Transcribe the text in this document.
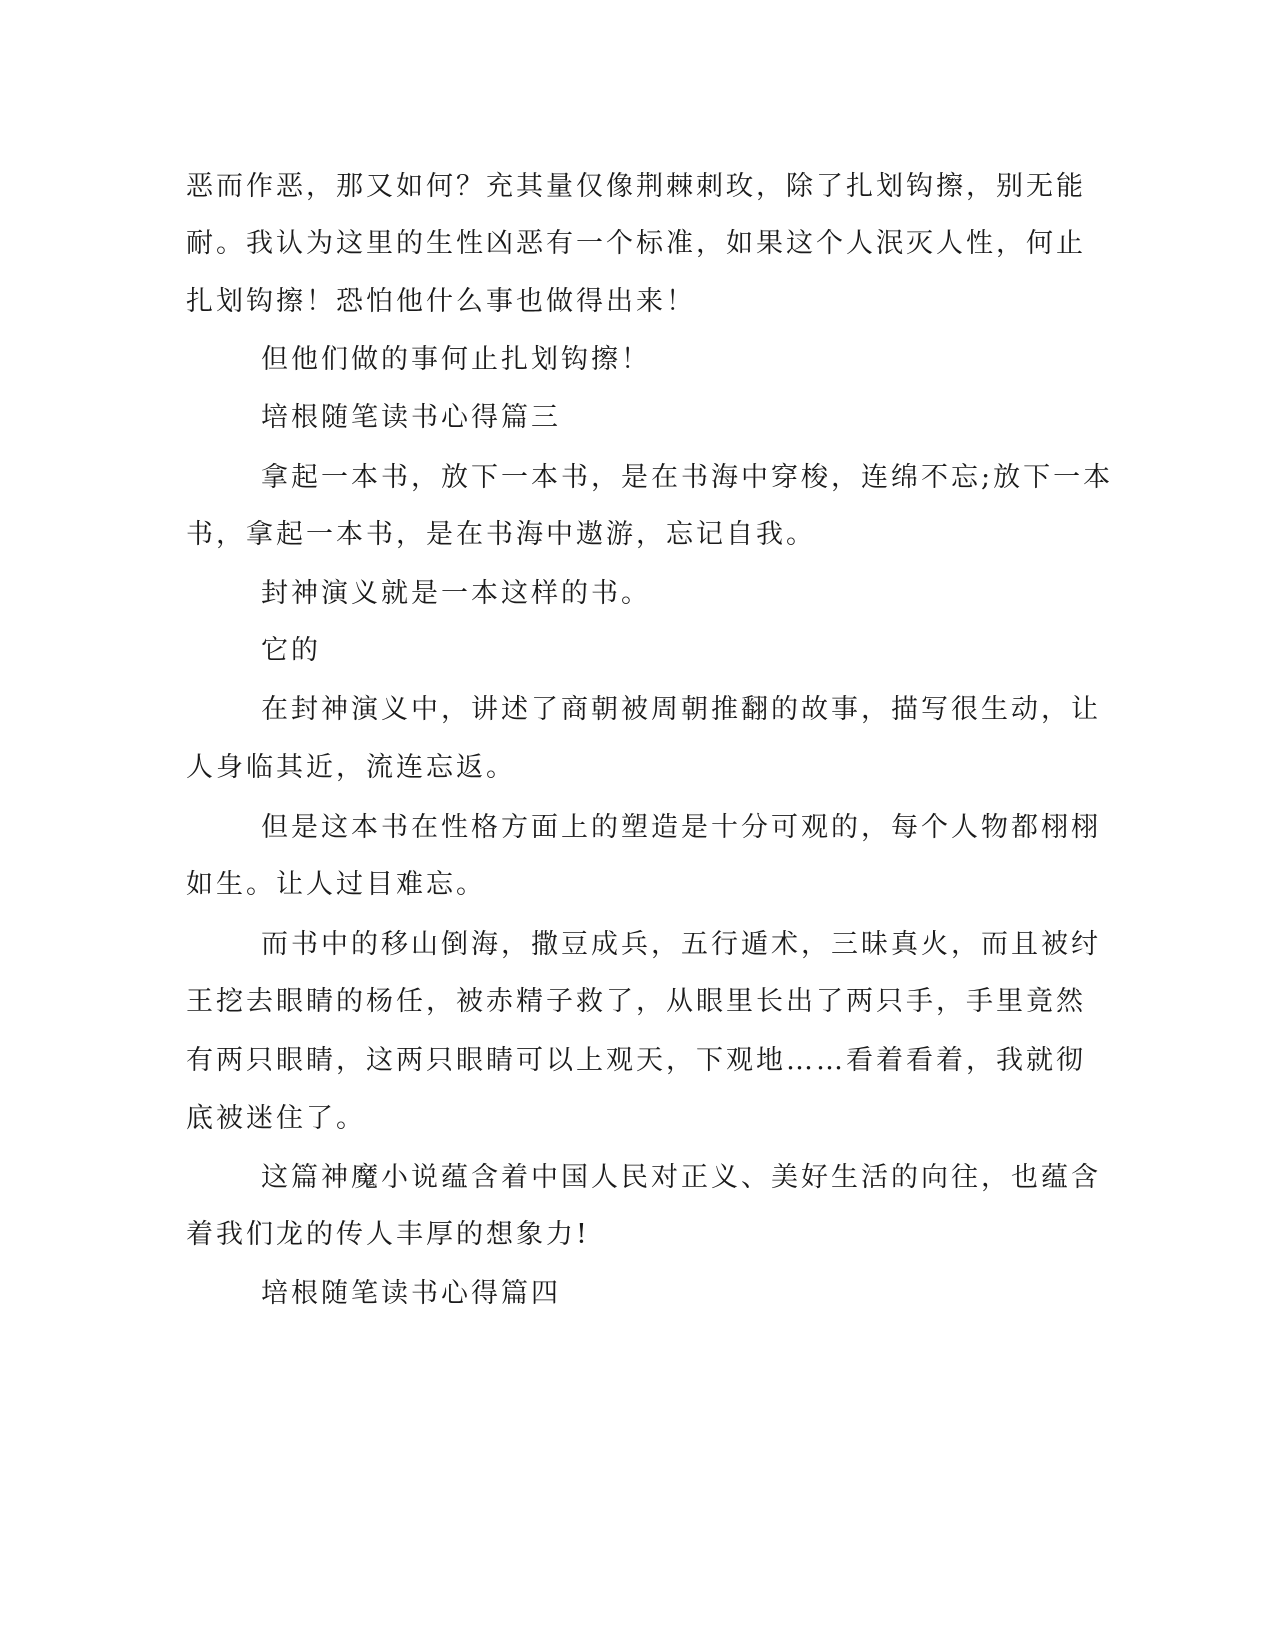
恶而作恶，那又如何？充其量仅像荆棘刺玫，除了扎划钩擦，别无能
耐。我认为这里的生性凶恶有一个标准，如果这个人泯灭人性，何止
扎划钩擦！恐怕他什么事也做得出来！
但他们做的事何止扎划钩擦！
培根随笔读书心得篇三
拿起一本书，放下一本书，是在书海中穿梭，连绵不忘;放下一本
书，拿起一本书，是在书海中遨游，忘记自我。
封神演义就是一本这样的书。
它的
在封神演义中，讲述了商朝被周朝推翻的故事，描写很生动，让
人身临其近，流连忘返。
但是这本书在性格方面上的塑造是十分可观的，每个人物都栩栩
如生。让人过目难忘。
而书中的移山倒海，撒豆成兵，五行遁术，三昧真火，而且被纣
王挖去眼睛的杨任，被赤精子救了，从眼里长出了两只手，手里竟然
有两只眼睛，这两只眼睛可以上观天，下观地……看着看着，我就彻
底被迷住了。
这篇神魔小说蕴含着中国人民对正义、美好生活的向往，也蕴含
着我们龙的传人丰厚的想象力!
培根随笔读书心得篇四
